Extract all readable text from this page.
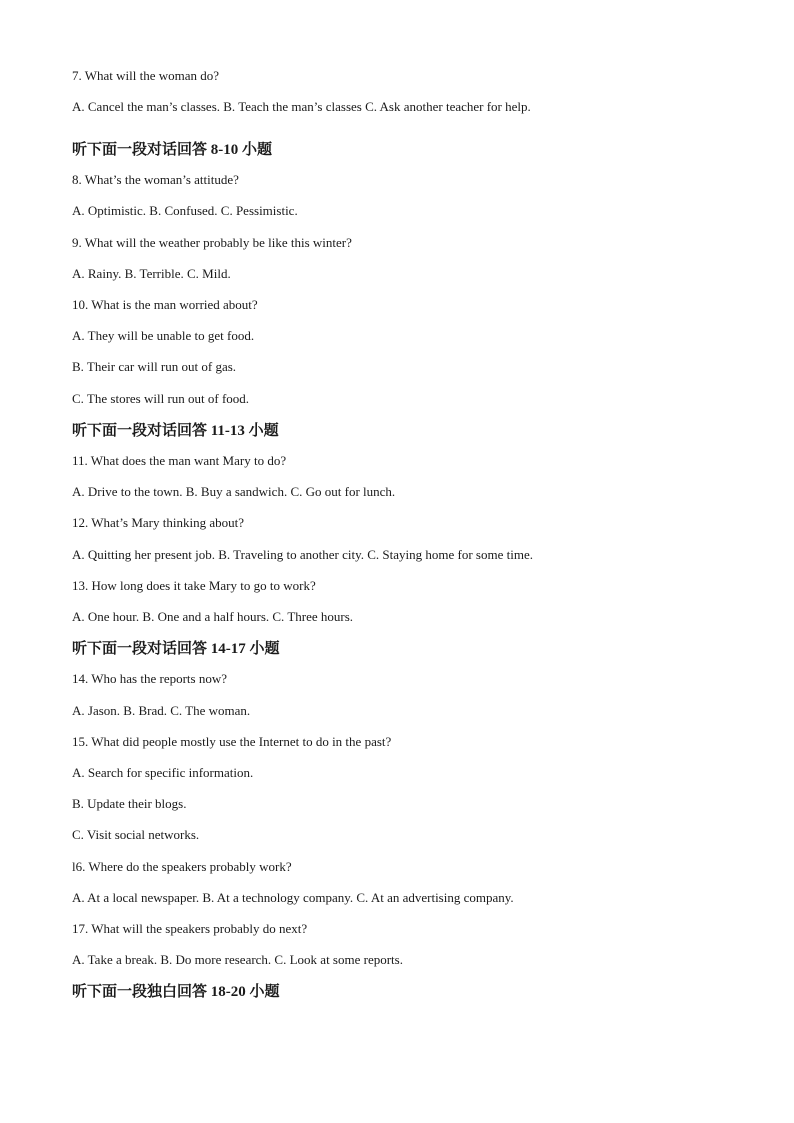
7. What will the woman do?
A. Cancel the man’s classes. B. Teach the man’s classes C. Ask another teacher for help.
听下面一段对话回答 8-10 小题
8. What’s the woman’s attitude?
A. Optimistic. B. Confused. C. Pessimistic.
9. What will the weather probably be like this winter?
A. Rainy. B. Terrible. C. Mild.
10. What is the man worried about?
A. They will be unable to get food.
B. Their car will run out of gas.
C. The stores will run out of food.
听下面一段对话回答 11-13 小题
11. What does the man want Mary to do?
A. Drive to the town. B. Buy a sandwich. C. Go out for lunch.
12. What’s Mary thinking about?
A. Quitting her present job. B. Traveling to another city. C. Staying home for some time.
13. How long does it take Mary to go to work?
A. One hour. B. One and a half hours. C. Three hours.
听下面一段对话回答 14-17 小题
14. Who has the reports now?
A. Jason. B. Brad. C. The woman.
15. What did people mostly use the Internet to do in the past?
A. Search for specific information.
B. Update their blogs.
C. Visit social networks.
l6. Where do the speakers probably work?
A. At a local newspaper. B. At a technology company. C. At an advertising company.
17. What will the speakers probably do next?
A. Take a break. B. Do more research. C. Look at some reports.
听下面一段独白回答 18-20 小题
